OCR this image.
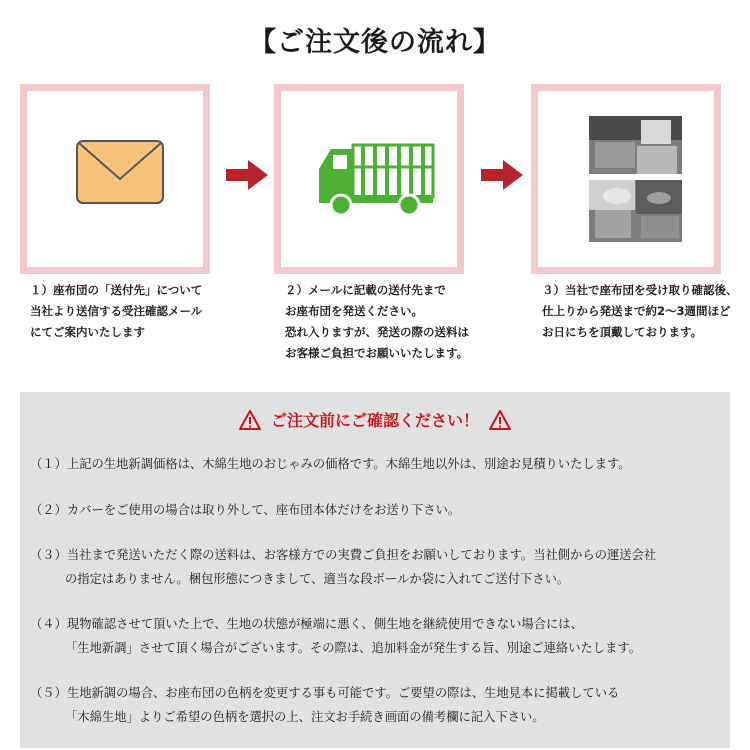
【ご注文後の流れ】
１）座布団の「送付先」について
当社より送信する受注確認メール
にてご案内いたします
２）メールに記載の送付先まで
お座布団を発送ください。
恐れ入りますが、発送の際の送料は
お客様ご負担でお願いいたします。
３）当社で座布団を受け取り確認後、
仕上りから発送まで約2〜3週間ほど
お日にちを頂戴しております。
ご注文前にご確認ください！
（１）上記の生地新調価格は、木綿生地のおじゃみの価格です。木綿生地以外は、別途お見積りいたします。
（２）カバーをご使用の場合は取り外して、座布団本体だけをお送り下さい。
（３）当社まで発送いただく際の送料は、お客様方での実費ご負担をお願いしております。当社側からの運送会社
の指定はありません。梱包形態につきまして、適当な段ボールか袋に入れてご送付下さい。
（４）現物確認させて頂いた上で、生地の状態が極端に悪く、側生地を継続使用できない場合には、
「生地新調」させて頂く場合がございます。その際は、追加料金が発生する旨、別途ご連絡いたします。
（５）生地新調の場合、お座布団の色柄を変更する事も可能です。ご要望の際は、生地見本に掲載している
「木綿生地」よりご希望の色柄を選択の上、注文お手続き画面の備考欄に記入下さい。
